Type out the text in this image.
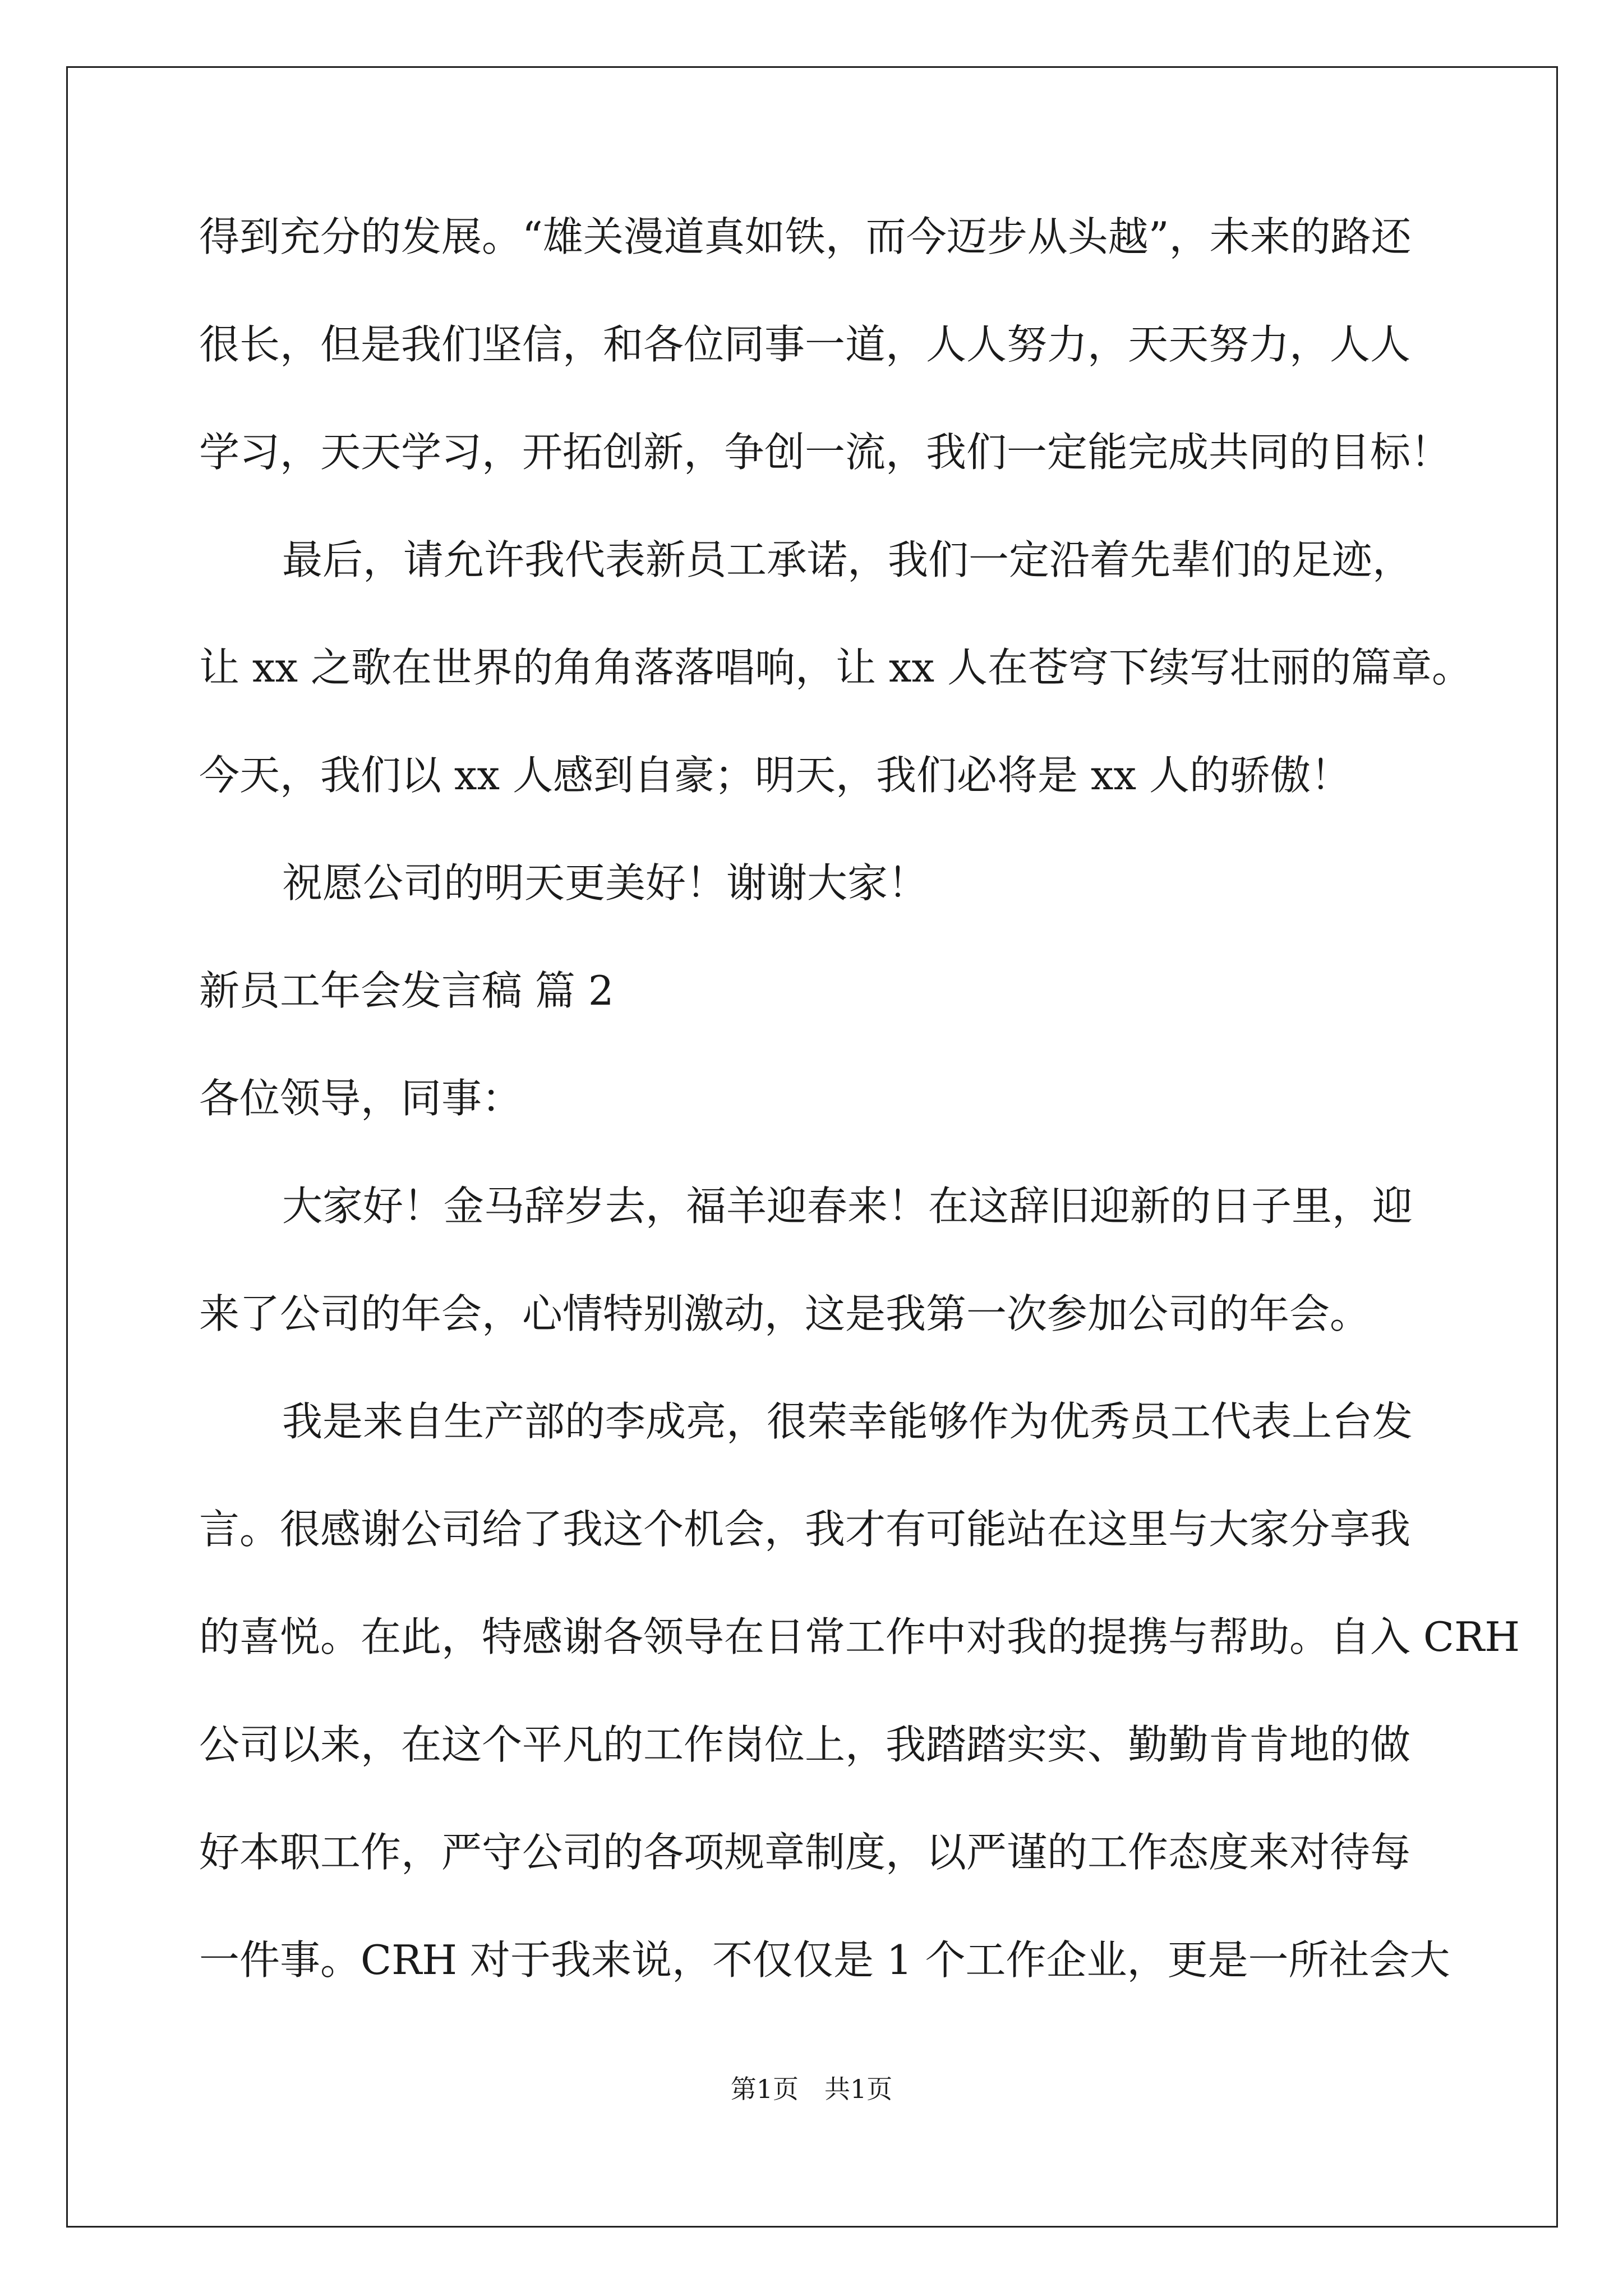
得到充分的发展。“雄关漫道真如铁，而今迈步从头越”，未来的路还
很长，但是我们坚信，和各位同事一道，人人努力，天天努力，人人
学习，天天学习，开拓创新，争创一流，我们一定能完成共同的目标！
最后，请允许我代表新员工承诺，我们一定沿着先辈们的足迹，
让 xx 之歌在世界的角角落落唱响，让 xx 人在苍穹下续写壮丽的篇章。
今天，我们以 xx 人感到自豪；明天，我们必将是 xx 人的骄傲！
祝愿公司的明天更美好！谢谢大家！
新员工年会发言稿 篇 2
各位领导，同事：
大家好！金马辞岁去，福羊迎春来！在这辞旧迎新的日子里，迎
来了公司的年会，心情特别激动，这是我第一次参加公司的年会。
我是来自生产部的李成亮，很荣幸能够作为优秀员工代表上台发
言。很感谢公司给了我这个机会，我才有可能站在这里与大家分享我
的喜悦。在此，特感谢各领导在日常工作中对我的提携与帮助。自入 CRH
公司以来，在这个平凡的工作岗位上，我踏踏实实、勤勤肯肯地的做
好本职工作，严守公司的各项规章制度，以严谨的工作态度来对待每
一件事。CRH 对于我来说，不仅仅是 1 个工作企业，更是一所社会大
第1页　共1页
